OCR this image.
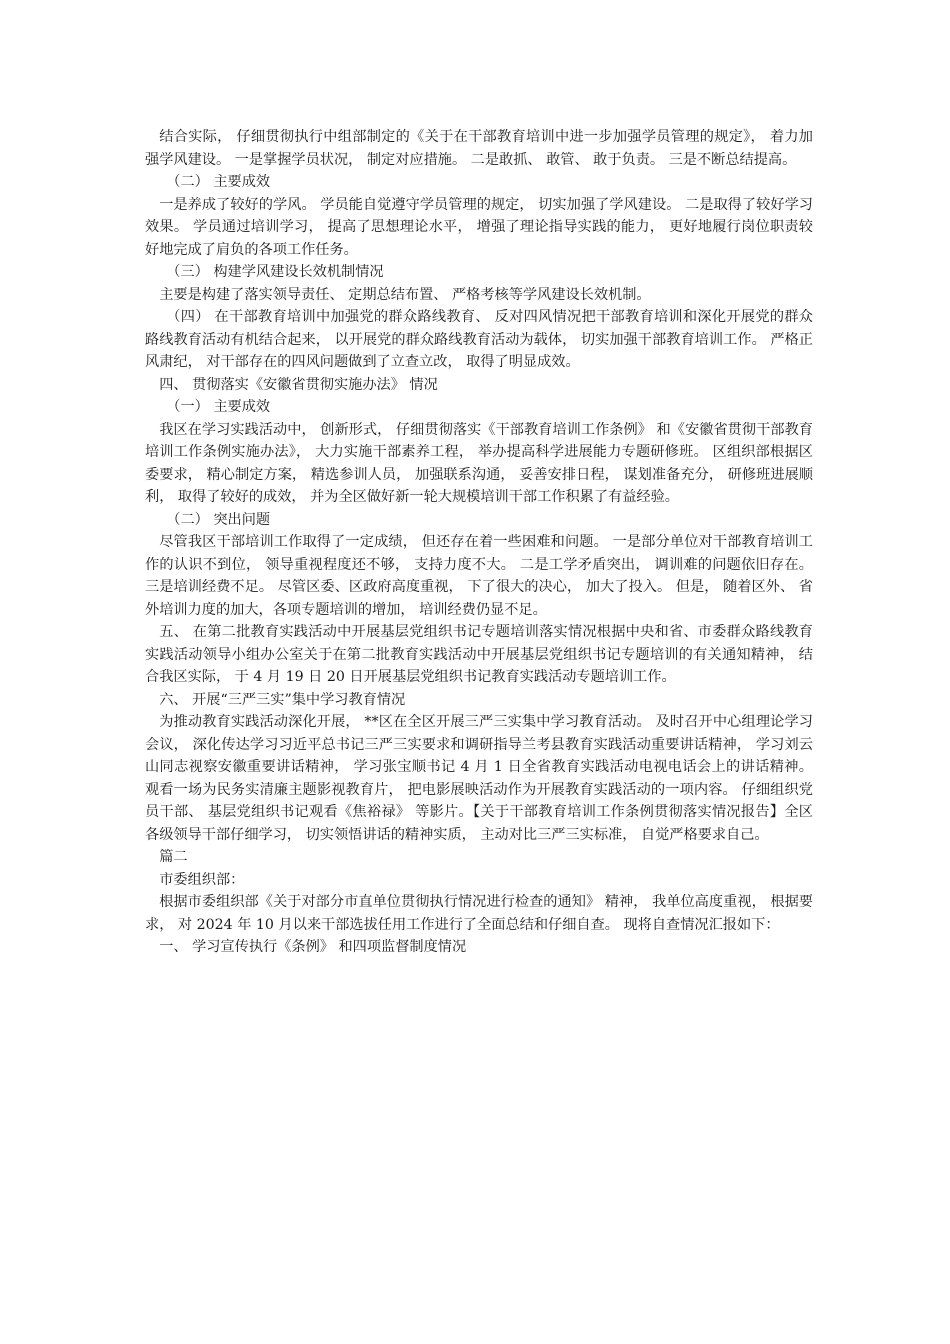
结合实际， 仔细贯彻执行中组部制定的《关于在干部教育培训中进一步加强学员管理的规定》， 着力加强学风建设。 一是掌握学员状况， 制定对应措施。 二是敢抓、 敢管、 敢于负责。 三是不断总结提高。

（二） 主要成效

一是养成了较好的学风。 学员能自觉遵守学员管理的规定， 切实加强了学风建设。 二是取得了较好学习效果。 学员通过培训学习， 提高了思想理论水平， 增强了理论指导实践的能力， 更好地履行岗位职责较好地完成了肩负的各项工作任务。

（三） 构建学风建设长效机制情况

主要是构建了落实领导责任、 定期总结布置、 严格考核等学风建设长效机制。

（四） 在干部教育培训中加强党的群众路线教育、 反对四风情况把干部教育培训和深化开展党的群众路线教育活动有机结合起来， 以开展党的群众路线教育活动为载体， 切实加强干部教育培训工作。 严格正风肃纪， 对干部存在的四风问题做到了立查立改， 取得了明显成效。

四、 贯彻落实《安徽省贯彻实施办法》 情况

（一） 主要成效

我区在学习实践活动中， 创新形式， 仔细贯彻落实《干部教育培训工作条例》 和《安徽省贯彻干部教育培训工作条例实施办法》， 大力实施干部素养工程， 举办提高科学进展能力专题研修班。 区组织部根据区委要求， 精心制定方案， 精选参训人员， 加强联系沟通， 妥善安排日程， 谋划准备充分， 研修班进展顺利， 取得了较好的成效， 并为全区做好新一轮大规模培训干部工作积累了有益经验。

（二） 突出问题

尽管我区干部培训工作取得了一定成绩， 但还存在着一些困难和问题。 一是部分单位对干部教育培训工作的认识不到位， 领导重视程度还不够， 支持力度不大。 二是工学矛盾突出， 调训难的问题依旧存在。 三是培训经费不足。 尽管区委、区政府高度重视， 下了很大的决心， 加大了投入。 但是， 随着区外、 省外培训力度的加大，各项专题培训的增加， 培训经费仍显不足。

五、 在第二批教育实践活动中开展基层党组织书记专题培训落实情况根据中央和省、市委群众路线教育实践活动领导小组办公室关于在第二批教育实践活动中开展基层党组织书记专题培训的有关通知精神， 结合我区实际， 于 4 月 19 日 20 日开展基层党组织书记教育实践活动专题培训工作。

六、 开展“三严三实”集中学习教育情况

为推动教育实践活动深化开展， **区在全区开展三严三实集中学习教育活动。 及时召开中心组理论学习会议， 深化传达学习习近平总书记三严三实要求和调研指导兰考县教育实践活动重要讲话精神， 学习刘云山同志视察安徽重要讲话精神， 学习张宝顺书记 4 月 1 日全省教育实践活动电视电话会上的讲话精神。 观看一场为民务实清廉主题影视教育片， 把电影展映活动作为开展教育实践活动的一项内容。 仔细组织党员干部、 基层党组织书记观看《焦裕禄》 等影片。【关于干部教育培训工作条例贯彻落实情况报告】全区各级领导干部仔细学习， 切实领悟讲话的精神实质， 主动对比三严三实标准， 自觉严格要求自己。

篇二

市委组织部：

根据市委组织部《关于对部分市直单位贯彻执行情况进行检查的通知》 精神， 我单位高度重视， 根据要求， 对 2024 年 10 月以来干部选拔任用工作进行了全面总结和仔细自查。 现将自查情况汇报如下：

一、 学习宣传执行《条例》 和四项监督制度情况
